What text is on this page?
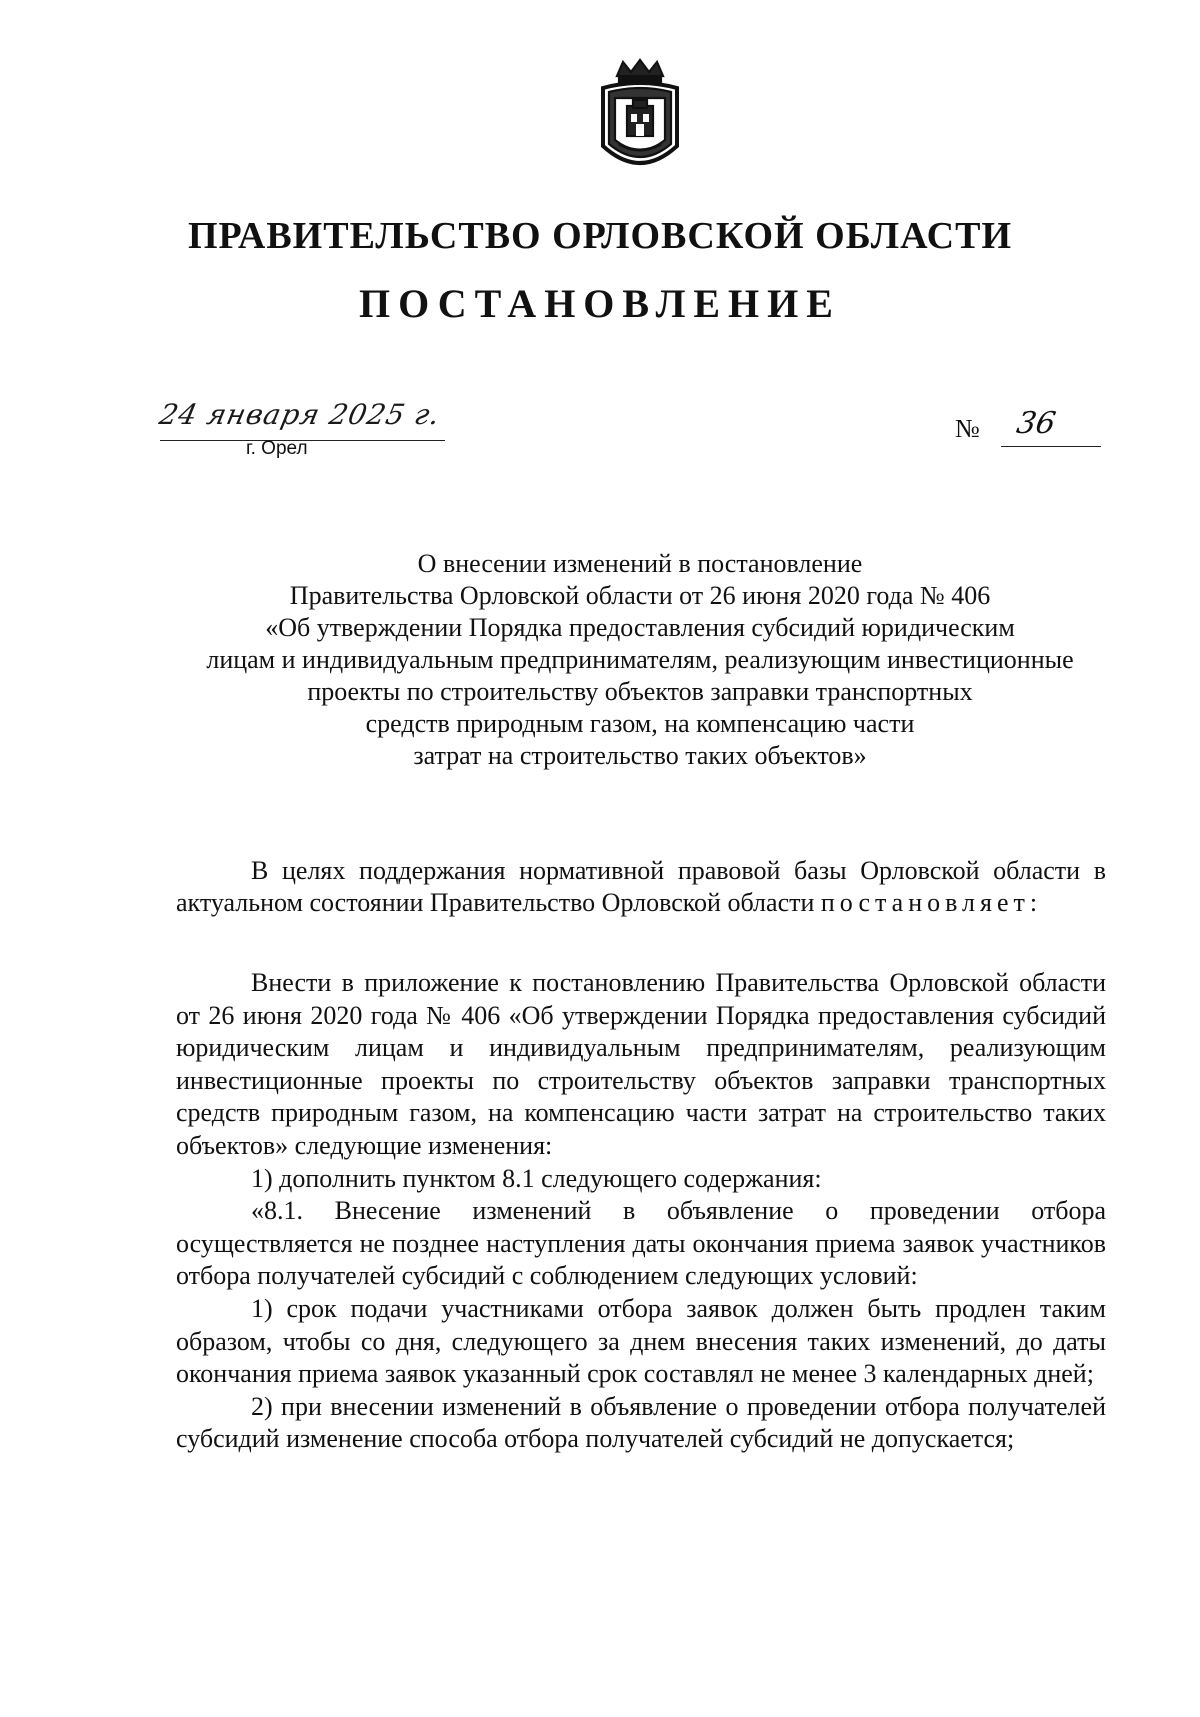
ПРАВИТЕЛЬСТВО ОРЛОВСКОЙ ОБЛАСТИ
ПОСТАНОВЛЕНИЕ
24 января 2025 г.
г. Орел
№ 36
О внесении изменений в постановление
Правительства Орловской области от 26 июня 2020 года № 406
«Об утверждении Порядка предоставления субсидий юридическим
лицам и индивидуальным предпринимателям, реализующим инвестиционные
проекты по строительству объектов заправки транспортных
средств природным газом, на компенсацию части
затрат на строительство таких объектов»

В целях поддержания нормативной правовой базы Орловской области в актуальном состоянии Правительство Орловской области постановляет:

Внести в приложение к постановлению Правительства Орловской области от 26 июня 2020 года № 406 «Об утверждении Порядка предоставления субсидий юридическим лицам и индивидуальным предпринимателям, реализующим инвестиционные проекты по строительству объектов заправки транспортных средств природным газом, на компенсацию части затрат на строительство таких объектов» следующие изменения:

1) дополнить пунктом 8.1 следующего содержания:

«8.1. Внесение изменений в объявление о проведении отбора осуществляется не позднее наступления даты окончания приема заявок участников отбора получателей субсидий с соблюдением следующих условий:

1) срок подачи участниками отбора заявок должен быть продлен таким образом, чтобы со дня, следующего за днем внесения таких изменений, до даты окончания приема заявок указанный срок составлял не менее 3 календарных дней;

2) при внесении изменений в объявление о проведении отбора получателей субсидий изменение способа отбора получателей субсидий не допускается;
